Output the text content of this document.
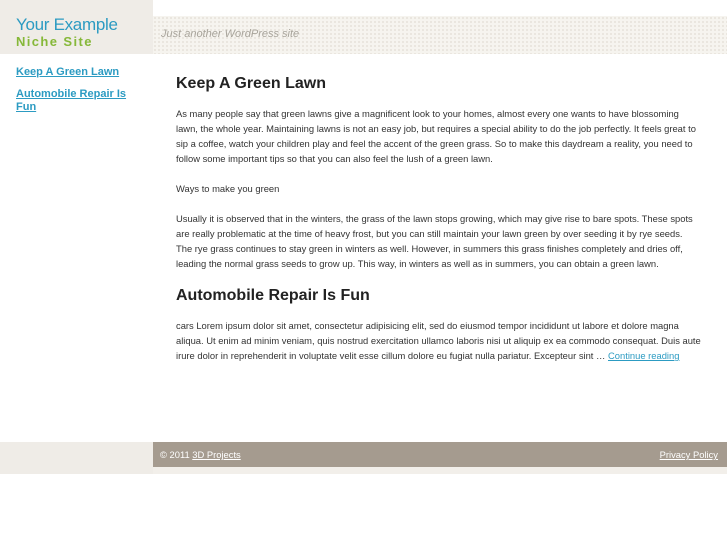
Your Example
Niche Site	Just another WordPress site
Keep A Green Lawn
Automobile Repair Is Fun
Keep A Green Lawn

As many people say that green lawns give a magnificent look to your homes, almost every one wants to have blossoming lawn, the whole year. Maintaining lawns is not an easy job, but requires a special ability to do the job perfectly. It feels great to sip a coffee, watch your children play and feel the accent of the green grass. So to make this daydream a reality, you need to follow some important tips so that you can also feel the lush of a green lawn.

Ways to make you green

Usually it is observed that in the winters, the grass of the lawn stops growing, which may give rise to bare spots. These spots are really problematic at the time of heavy frost, but you can still maintain your lawn green by over seeding it by rye seeds. The rye grass continues to stay green in winters as well. However, in summers this grass finishes completely and dries off, leading the normal grass seeds to grow up. This way, in winters as well as in summers, you can obtain a green lawn.

Automobile Repair Is Fun

cars Lorem ipsum dolor sit amet, consectetur adipisicing elit, sed do eiusmod tempor incididunt ut labore et dolore magna aliqua. Ut enim ad minim veniam, quis nostrud exercitation ullamco laboris nisi ut aliquip ex ea commodo consequat. Duis aute irure dolor in reprehenderit in voluptate velit esse cillum dolore eu fugiat nulla pariatur. Excepteur sint … Continue reading

© 2011 3D Projects	Privacy Policy
